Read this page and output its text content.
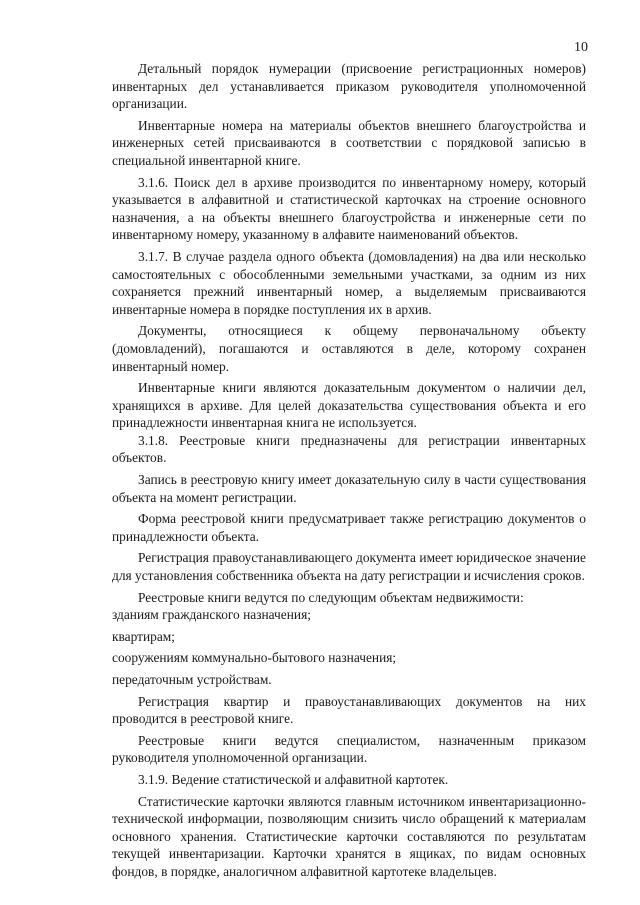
10

Детальный порядок нумерации (присвоение регистрационных номеров) инвентарных дел устанавливается приказом руководителя уполномоченной организации.

Инвентарные номера на материалы объектов внешнего благоустройства и инженерных сетей присваиваются в соответствии с порядковой записью в специальной инвентарной книге.

3.1.6. Поиск дел в архиве производится по инвентарному номеру, который указывается в алфавитной и статистической карточках на строение основного назначения, а на объекты внешнего благоустройства и инженерные сети по инвентарному номеру, указанному в алфавите наименований объектов.

3.1.7. В случае раздела одного объекта (домовладения) на два или несколько самостоятельных с обособленными земельными участками, за одним из них сохраняется прежний инвентарный номер, а выделяемым присваиваются инвентарные номера в порядке поступления их в архив.

Документы, относящиеся к общему первоначальному объекту (домовладений), погашаются и оставляются в деле, которому сохранен инвентарный номер.

Инвентарные книги являются доказательным документом о наличии дел, хранящихся в архиве. Для целей доказательства существования объекта и его принадлежности инвентарная книга не используется.

3.1.8. Реестровые книги предназначены для регистрации инвентарных объектов.

Запись в реестровую книгу имеет доказательную силу в части существования объекта на момент регистрации.

Форма реестровой книги предусматривает также регистрацию документов о принадлежности объекта.

Регистрация правоустанавливающего документа имеет юридическое значение для установления собственника объекта на дату регистрации и исчисления сроков.

Реестровые книги ведутся по следующим объектам недвижимости:

зданиям гражданского назначения;

квартирам;

сооружениям коммунально-бытового назначения;

передаточным устройствам.

Регистрация квартир и правоустанавливающих документов на них проводится в реестровой книге.

Реестровые книги ведутся специалистом, назначенным приказом руководителя уполномоченной организации.

3.1.9. Ведение статистической и алфавитной картотек.

Статистические карточки являются главным источником инвентаризационно-технической информации, позволяющим снизить число обращений к материалам основного хранения. Статистические карточки составляются по результатам текущей инвентаризации. Карточки хранятся в ящиках, по видам основных фондов, в порядке, аналогичном алфавитной картотеке владельцев.
